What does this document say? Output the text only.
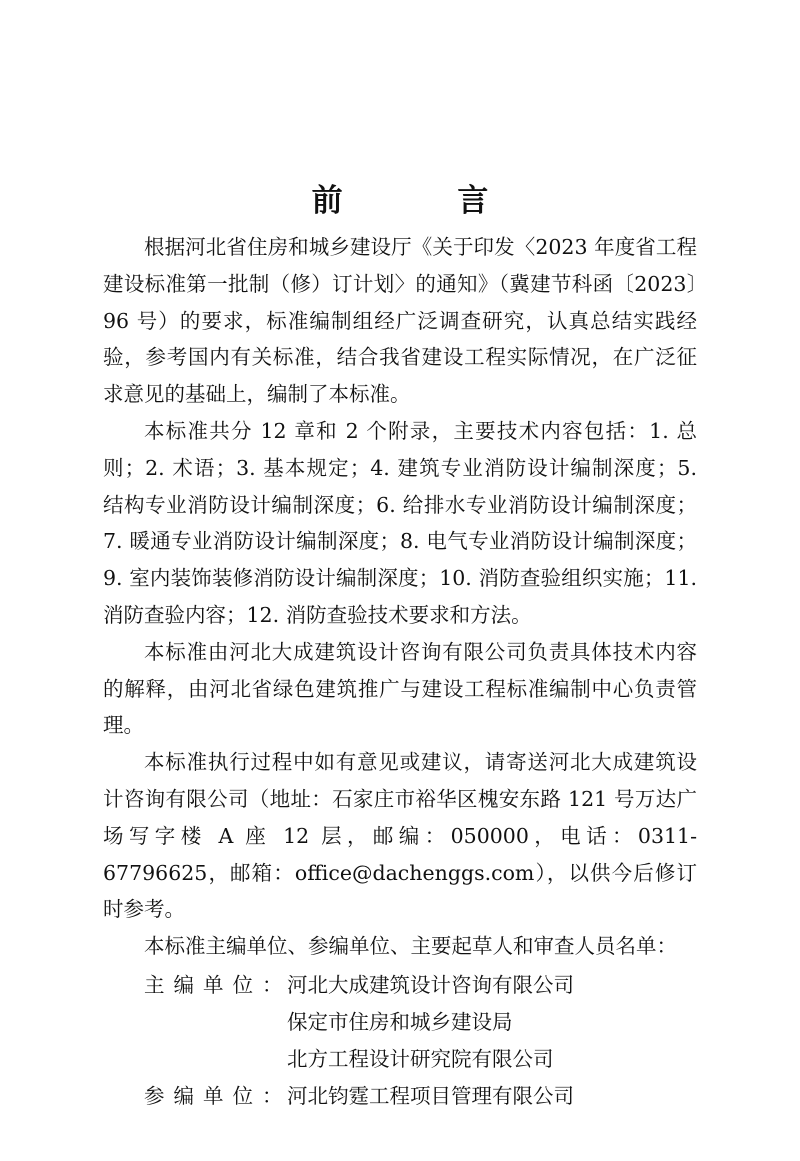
前 言

根据河北省住房和城乡建设厅《关于印发〈2023 年度省工程建设标准第一批制（修）订计划〉的通知》（冀建节科函〔2023〕96 号）的要求，标准编制组经广泛调查研究，认真总结实践经验，参考国内有关标准，结合我省建设工程实际情况，在广泛征求意见的基础上，编制了本标准。

本标准共分 12 章和 2 个附录，主要技术内容包括：1. 总则；2. 术语；3. 基本规定；4. 建筑专业消防设计编制深度；5. 结构专业消防设计编制深度；6. 给排水专业消防设计编制深度；7. 暖通专业消防设计编制深度；8. 电气专业消防设计编制深度；9. 室内装饰装修消防设计编制深度；10. 消防查验组织实施；11. 消防查验内容；12. 消防查验技术要求和方法。

本标准由河北大成建筑设计咨询有限公司负责具体技术内容的解释，由河北省绿色建筑推广与建设工程标准编制中心负责管理。

本标准执行过程中如有意见或建议，请寄送河北大成建筑设计咨询有限公司（地址：石家庄市裕华区槐安东路 121 号万达广场写字楼 A 座 12 层，邮编：050000，电话：0311-67796625，邮箱：office@dachenggs.com），以供今后修订时参考。

本标准主编单位、参编单位、主要起草人和审查人员名单：

主编单位：
河北大成建筑设计咨询有限公司
保定市住房和城乡建设局
北方工程设计研究院有限公司
参编单位：
河北钧霆工程项目管理有限公司
